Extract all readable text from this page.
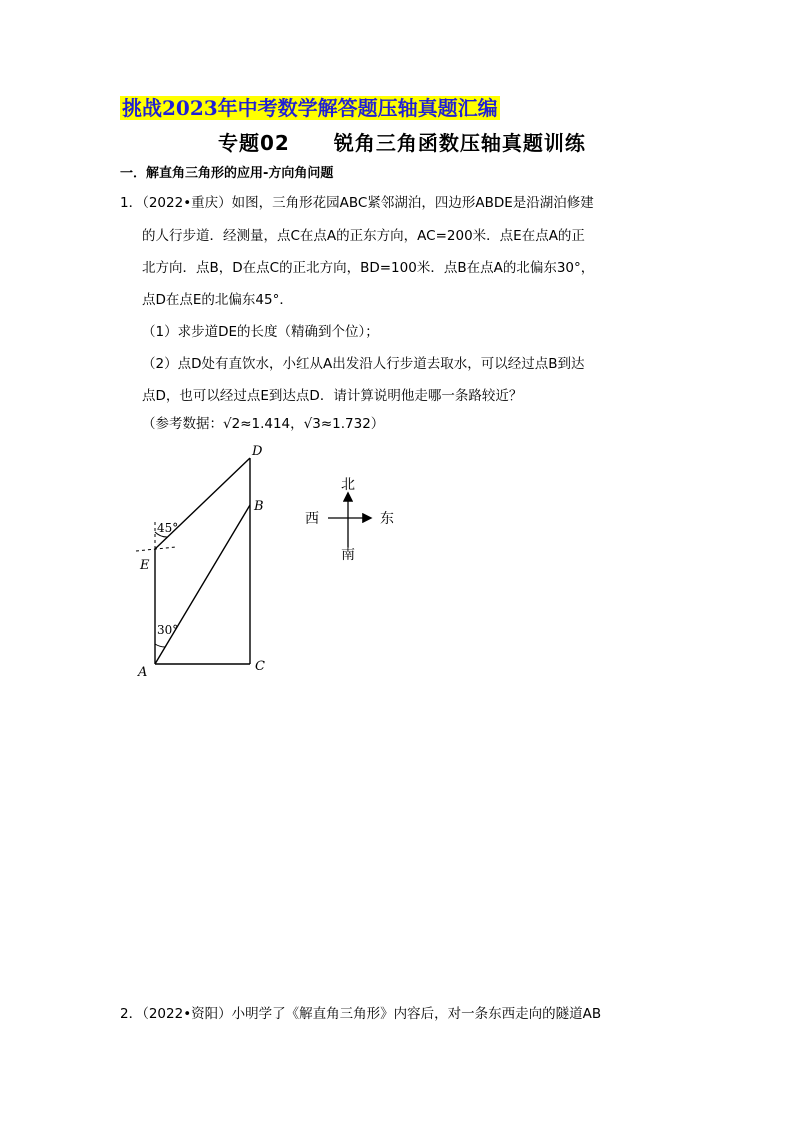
挑战2023年中考数学解答题压轴真题汇编
专题02 锐角三角函数压轴真题训练
一．解直角三角形的应用-方向角问题
1．（2022•重庆）如图，三角形花园ABC紧邻湖泊，四边形ABDE是沿湖泊修建
的人行步道．经测量，点C在点A的正东方向，AC=200米．点E在点A的正
北方向．点B，D在点C的正北方向，BD=100米．点B在点A的北偏东30°，
点D在点E的北偏东45°．
（1）求步道DE的长度（精确到个位）；
（2）点D处有直饮水，小红从A出发沿人行步道去取水，可以经过点B到达
点D，也可以经过点E到达点D．请计算说明他走哪一条路较近？
（参考数据：√2≈1.414，√3≈1.732）
D
B
E
A	C
45°
30°
北
南
西	东
2．（2022•资阳）小明学了《解直角三角形》内容后，对一条东西走向的隧道AB
